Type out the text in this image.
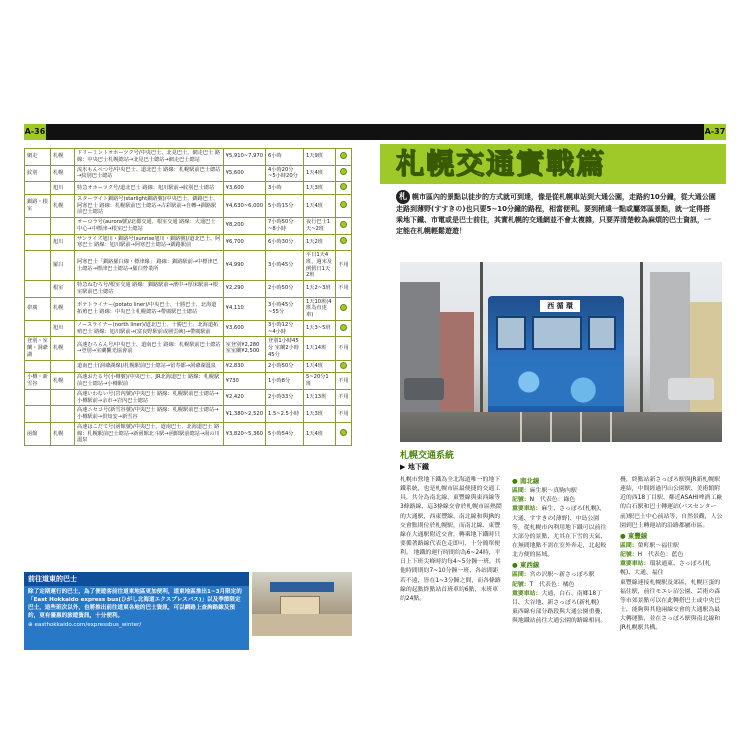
A-36	A-37
網走	札幌	ドリーミントオホーツク号/中央巴士、北見巴士、網走巴士 路線：中央巴士札幌總站→北見巴士總站→網走巴士總站	¥5,910~7,970	6小時	1天9班	
紋別	札幌	流氷もんべつ号/中央巴士、道北巴士 路線：札幌駅前巴士總站→紋別巴士總站	¥5,600	4小時20分~5小時20分	1天4班	
	旭川	特急オホーツク号/道北巴士 路線：旭川駅前→紋別巴士總站	¥3,600	3小時	1天3班	
釧路・根室	札幌	スターライト釧路号(starlight釧路號)/中央巴士、釧路巴士、阿寒巴士 路線：札幌駅前巴士總站→古彩駅前→自轉→釧路駅前巴士總站	¥4,630~6,000	5小時15分	1天4班	
		オーロラ号(aurora號)/北都交通、根室交通 路線：大通巴士中心→中標津→根室巴士總站	¥8,200	7小時50分~8小時	夜行巴士1天~2班	
	旭川	サンライズ旭川・釧路号(sunrise旭川・釧路號)/道北巴士、阿寒巴士 路線：旭川駅前→阿寒巴士總站→釧路駅前	¥6,700	6小時30分	1天2班	
	羅臼	阿寒巴士「釧路羅臼線・標津線」 路線：釧路駅前→中標津巴士總站→標津巴士總站→羅臼營業所	¥4,990	3小時45分	平日1天4班，週末及例假日1天2班	不用
	根室	特急ねむろ号/根室交通 路線：釧路駅前→濱中→厚床駅前→根室駅前巴士總站	¥2,290	2小時50分	1天2~3班	不用
帯廣	札幌	ポテトライナー(potato liner)/中央巴士、十勝巴士、北海道拓殖巴士 路線：中央巴士札幌總站→帶廣駅巴士總站	¥4,110	3小時45分~55分	1天10班(4班為直達車)	
	旭川	ノースライナー(north liner)/道北巴士、十勝巴士、北海道拓殖巴士 路線：旭川駅前→(富良野駅前或層雲峽)→帶廣駅前	¥3,600	3小時12分~4小時	1天3~5班	
登別・室蘭・洞爺湖	札幌	高速むろらん号/中央巴士、道南巴士 路線：札幌駅前巴士總站→登別→室蘭觀光協會前	室登別¥2,280 室室蘭¥2,500	登別1小時45分 室蘭2小時45分	1天14班	不用
		道南巴士(洞爺湖線)/札幌駅前巴士總站→留寿都→洞爺湖溫泉	¥2,830	2小時50分	1天4班	
小樽・新雪谷	札幌	高速おたる号(小樽號)/中央巴士、JR北海道巴士 路線：札幌駅前巴士總站→小樽駅前	¥730	1小時8分	5~20分1班	不用
		高速いわない号(岩內號)/中央巴士 路線：札幌駅前巴士總站→小樽駅前→余市→岩內巴士總站	¥2,420	2小時33分	1天13班	不用
		高速ニセコ号(新雪谷號)/中央巴士 路線：札幌駅前巴士總站→小樽駅前→倶知安→新雪谷	¥1,380~2,520	1.5~2.5小時	1天3班	不用
函館	札幌	高速はこだて号(函館號)/中央巴士、道南巴士、北海道巴士 路線：札幌駅前巴士總站→新函館北斗駅→函館駅前總站→湯の川溫泉	¥3,820~5,360	5小時54分	1天4班	
前往道東的巴士
除了定期運行的巴士，為了便遊客前往道東地區更加便利，道東地區推出1~3月限定的「East Hokkaido express bus(ひがし北海道エクスプレスバス)」以及季節限定巴士，這些班次以外，也將推出前往道東各地的巴士資訊，可以網路上查詢路線及預約，更有優惠的旅遊資訊，十分便利。
⊕ easthokkaido.com/expressbus_winter/
札幌交通實戰篇
札 幌市區內的景點以徒步的方式就可到達，像是從札幌車站到大通公園，走路約10分鐘，從大通公園走路到薄野(すすきの)也只要5~10分鐘的路程，相當便利。要到稍遠一點或屬郊區景點，就一定得搭乘地下鐵、市電或是巴士前往，其實札幌的交通網並不會太複雜，只要弄清楚較為麻煩的巴士資訊，一定能在札幌輕鬆遊遊！
西 循 環
札幌交通系統
▶ 地下鐵
札幌市營地下鐵為全北海道唯一的地下鐵系統，也是札幌市區最便捷的交通工具，共分為南北線、東豐線與東西線等3條路線，這3條線交會於札幌市區熱鬧的大通駅，西東豐線、南北線和與JR的交會點則位於札幌駅，而南北線、東豐線在大通駅附近交會，轉乘地下鐵時只要循著路線代表色走即可，十分簡單便利。 地鐵的運行時間約為6~24時，平日上下班尖峰時約每4~5分鐘一班，其他時間則約7~10分鐘一班，各站間距若不遠，皆在1~3分鐘之間，而各條路線的起點終點站首班車約6點，末班車約24點。
● 南北線
區間：麻生駅～真駒內駅
記號：N　代表色：綠色
重要車站：麻生、さっぽろ(札幌)、大通、すすきの(薄野)、中島公園等，從札幌市內利用地下鐵可以前往大部分的景點，尤其在下雪的天氣，在無間地點不需在室外奔走，北起較北方便的區域。
● 東西線
區間：宮の沢駅～新さっぽろ駅
記號：T　代表色：橘色
重要車站：大通、白石、南鄉18丁目、大谷地、新さっぽろ(新札幌)
東西線有部分路段與大通公園重疊，與地鐵站前往大通公園的路線相同。
疊，終點站新さっぽろ駅與JR新札幌駅連結，中間經過円山公園駅、美術館附近的西18丁目駅、鄰近ASAHI啤酒工廠的白石駅和巴士轉運站(バスセンター前)駅巴士中心前站等，自然景觀，人公園到巴士轉運站的沿路都屬市區。
● 東豐線
區間：榮町駅～福住駅
記號：H　代表色：藍色
重要車站：環狀通東、さっぽろ(札幌)、大通、福住
東豐線連接札幌駅及郊區，札幌巨蛋的福住駅，前往モエレ沼公園、芸術の森等市郊景點可以在此轉搭巴士或中央巴士，能夠與其他兩線交會的大通駅為最大轉運點，並在さっぽろ駅與南北線和JR札幌駅共構。
